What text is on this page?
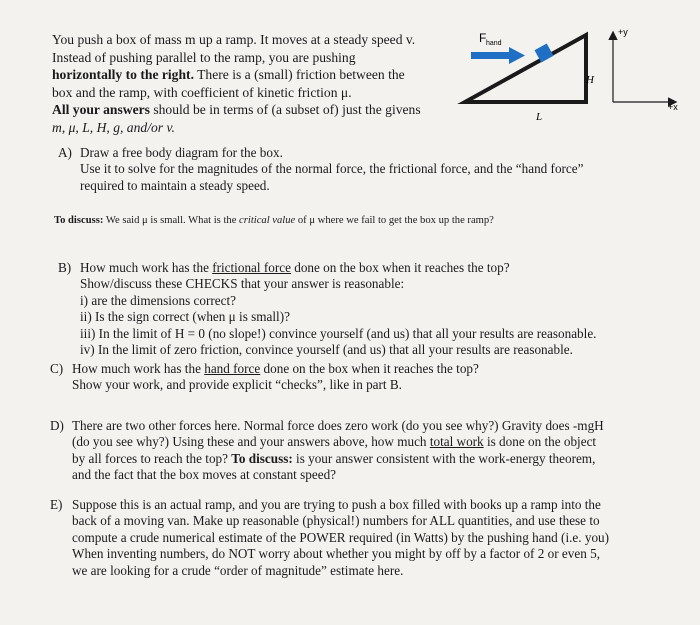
You push a box of mass m up a ramp. It moves at a steady speed v.
Instead of pushing parallel to the ramp, you are pushing
horizontally to the right. There is a (small) friction between the
box and the ramp, with coefficient of kinetic friction μ.
All your answers should be in terms of (a subset of) just the givens
m, μ, L, H, g, and/or v.
F hand
H
L
+y
+x
A) Draw a free body diagram for the box.
Use it to solve for the magnitudes of the normal force, the frictional force, and the “hand force”
required to maintain a steady speed.
To discuss: We said μ is small. What is the critical value of μ where we fail to get the box up the ramp?
B) How much work has the frictional force done on the box when it reaches the top?
Show/discuss these CHECKS that your answer is reasonable:
i) are the dimensions correct?
ii) Is the sign correct (when μ is small)?
iii) In the limit of H = 0 (no slope!) convince yourself (and us) that all your results are reasonable.
iv) In the limit of zero friction, convince yourself (and us) that all your results are reasonable.
C) How much work has the hand force done on the box when it reaches the top?
Show your work, and provide explicit “checks”, like in part B.
D) There are two other forces here. Normal force does zero work (do you see why?) Gravity does -mgH
(do you see why?) Using these and your answers above, how much total work is done on the object
by all forces to reach the top? To discuss: is your answer consistent with the work-energy theorem,
and the fact that the box moves at constant speed?
E) Suppose this is an actual ramp, and you are trying to push a box filled with books up a ramp into the
back of a moving van. Make up reasonable (physical!) numbers for ALL quantities, and use these to
compute a crude numerical estimate of the POWER required (in Watts) by the pushing hand (i.e. you)
When inventing numbers, do NOT worry about whether you might by off by a factor of 2 or even 5,
we are looking for a crude “order of magnitude” estimate here.
